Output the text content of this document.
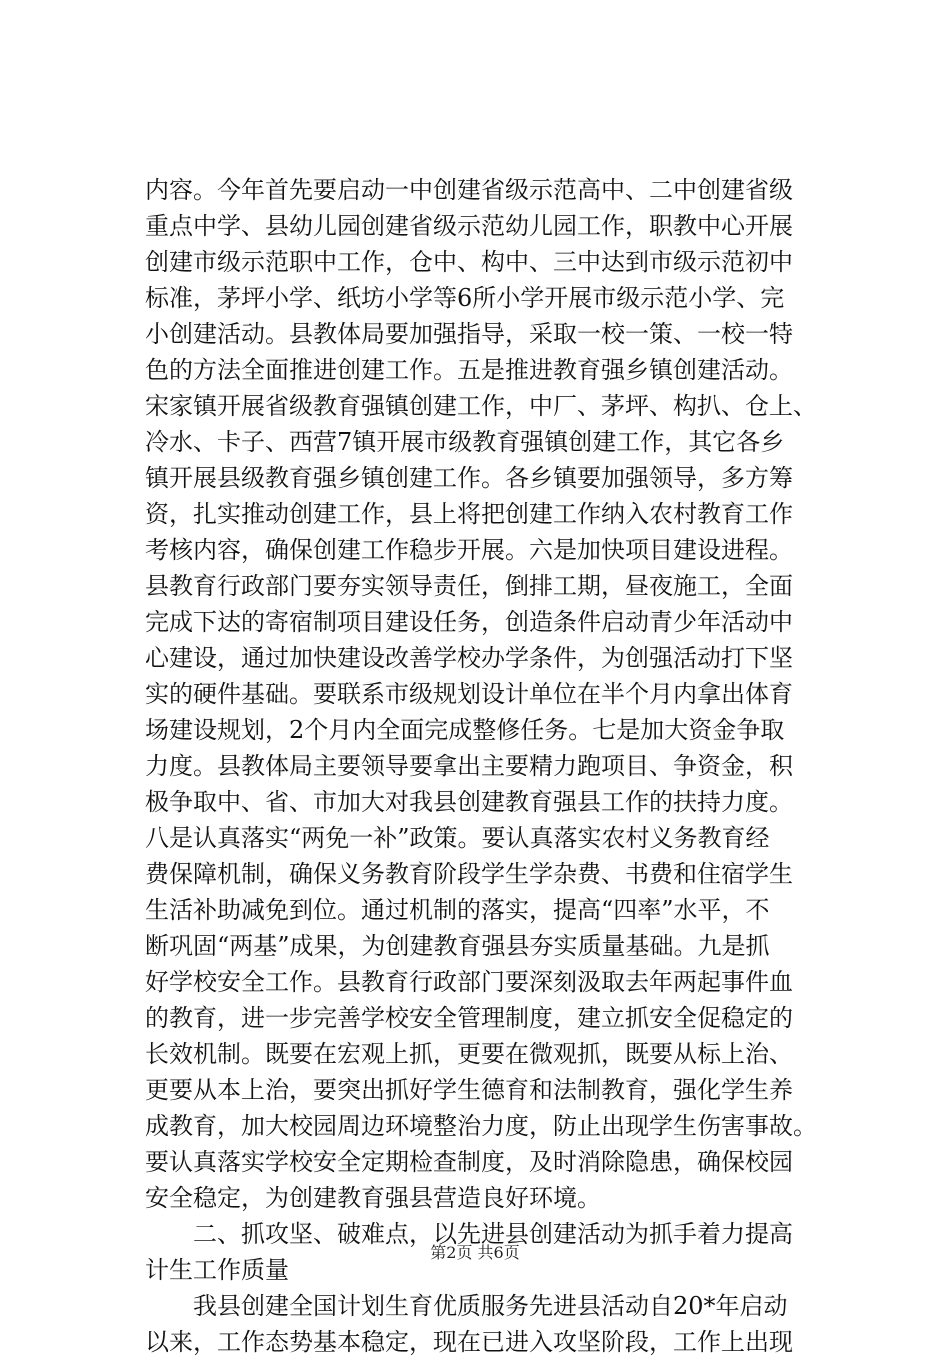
内容。今年首先要启动一中创建省级示范高中、二中创建省级
重点中学、县幼儿园创建省级示范幼儿园工作，职教中心开展
创建市级示范职中工作，仓中、构中、三中达到市级示范初中
标准，茅坪小学、纸坊小学等6所小学开展市级示范小学、完
小创建活动。县教体局要加强指导，采取一校一策、一校一特
色的方法全面推进创建工作。五是推进教育强乡镇创建活动。
宋家镇开展省级教育强镇创建工作，中厂、茅坪、构扒、仓上、
冷水、卡子、西营7镇开展市级教育强镇创建工作，其它各乡
镇开展县级教育强乡镇创建工作。各乡镇要加强领导，多方筹
资，扎实推动创建工作，县上将把创建工作纳入农村教育工作
考核内容，确保创建工作稳步开展。六是加快项目建设进程。
县教育行政部门要夯实领导责任，倒排工期，昼夜施工，全面
完成下达的寄宿制项目建设任务，创造条件启动青少年活动中
心建设，通过加快建设改善学校办学条件，为创强活动打下坚
实的硬件基础。要联系市级规划设计单位在半个月内拿出体育
场建设规划，2个月内全面完成整修任务。七是加大资金争取
力度。县教体局主要领导要拿出主要精力跑项目、争资金，积
极争取中、省、市加大对我县创建教育强县工作的扶持力度。
八是认真落实“两免一补”政策。要认真落实农村义务教育经
费保障机制，确保义务教育阶段学生学杂费、书费和住宿学生
生活补助减免到位。通过机制的落实，提高“四率”水平，不
断巩固“两基”成果，为创建教育强县夯实质量基础。九是抓
好学校安全工作。县教育行政部门要深刻汲取去年两起事件血
的教育，进一步完善学校安全管理制度，建立抓安全促稳定的
长效机制。既要在宏观上抓，更要在微观抓，既要从标上治、
更要从本上治，要突出抓好学生德育和法制教育，强化学生养
成教育，加大校园周边环境整治力度，防止出现学生伤害事故。
要认真落实学校安全定期检查制度，及时消除隐患，确保校园
安全稳定，为创建教育强县营造良好环境。
　　二、抓攻坚、破难点，以先进县创建活动为抓手着力提高
计生工作质量
　　我县创建全国计划生育优质服务先进县活动自20*年启动
以来，工作态势基本稳定，现在已进入攻坚阶段，工作上出现
第2页 共6页
